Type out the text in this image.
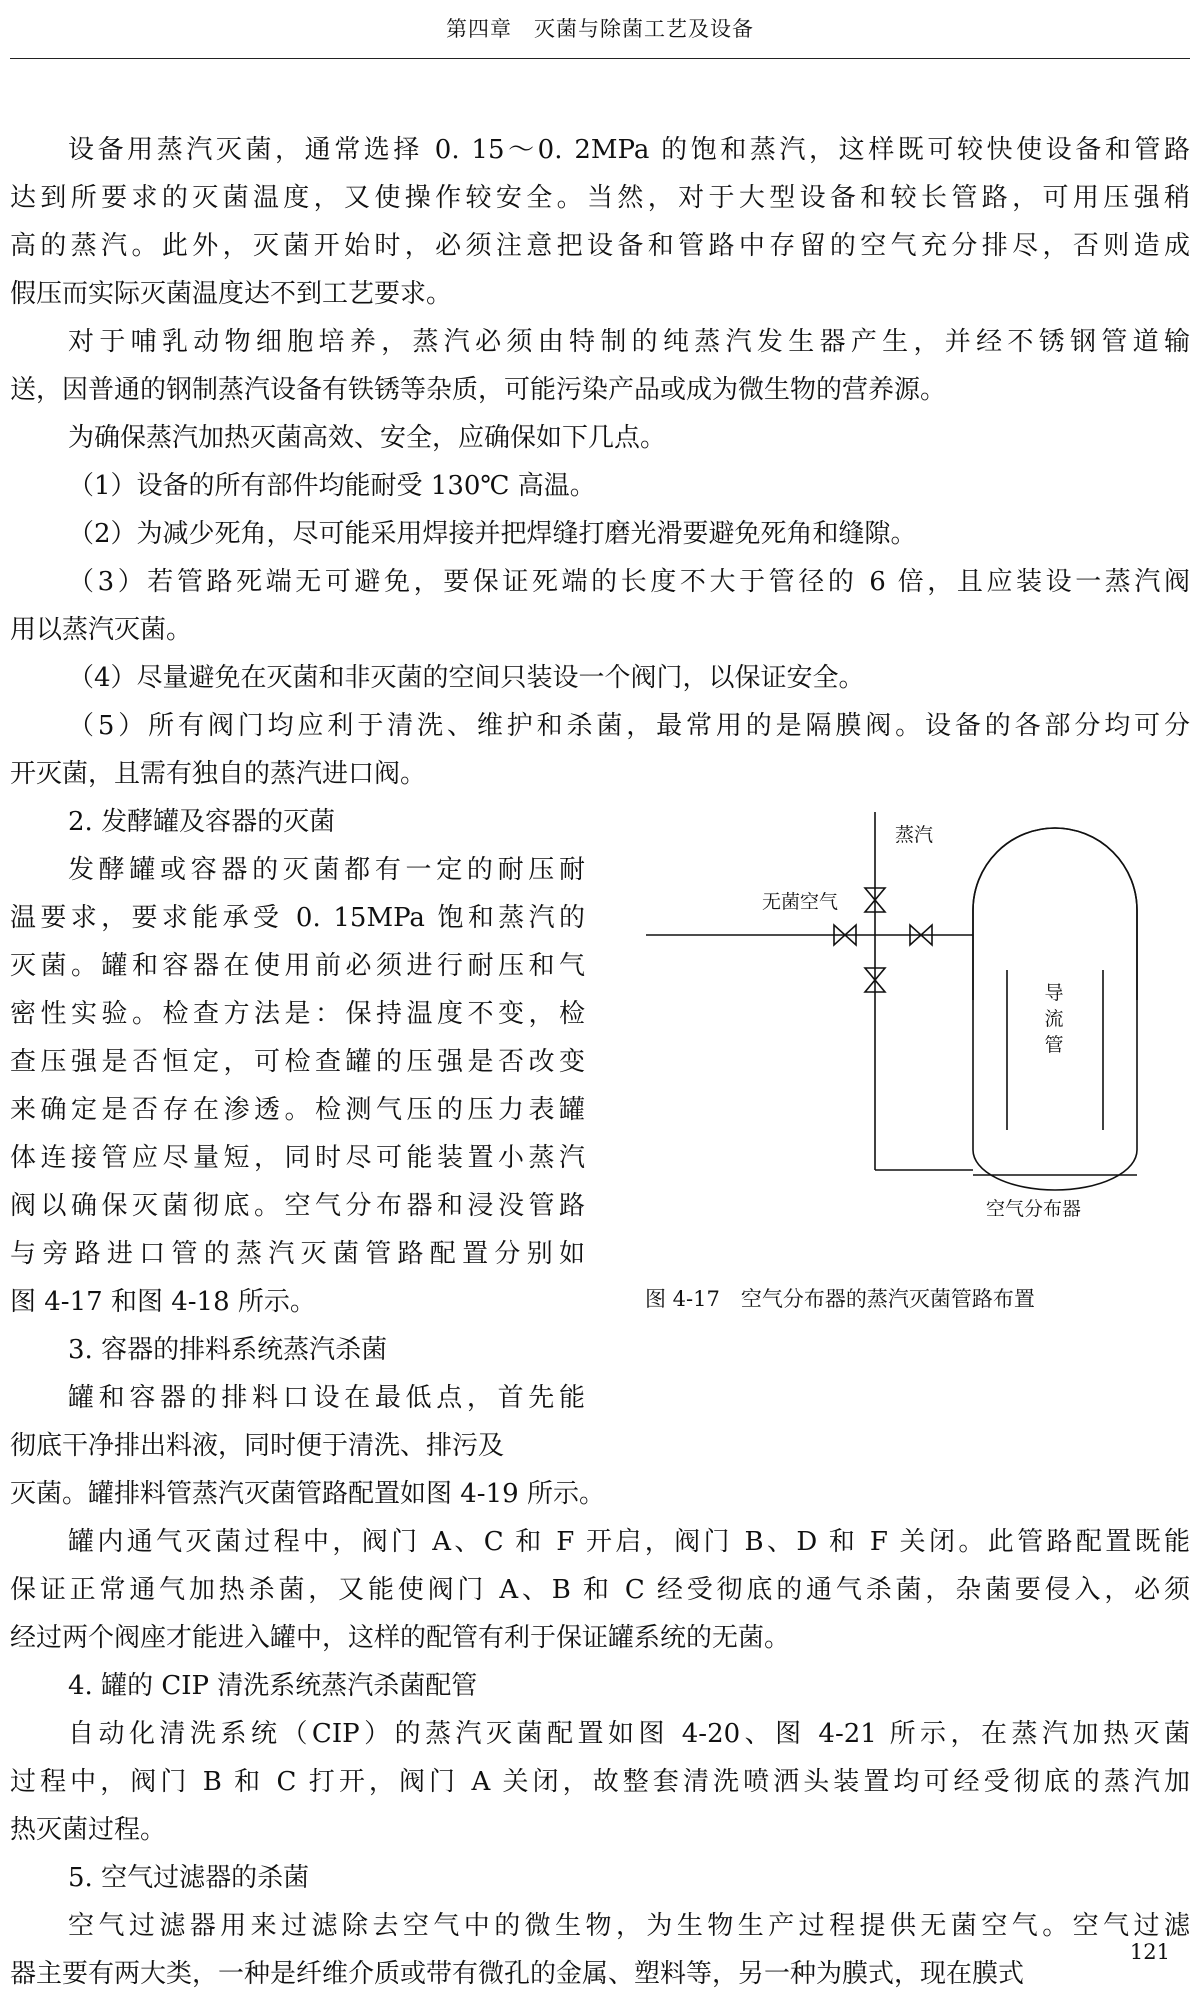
第四章　灭菌与除菌工艺及设备
设备用蒸汽灭菌，通常选择 0. 15～0. 2MPa 的饱和蒸汽，这样既可较快使设备和管路
达到所要求的灭菌温度，又使操作较安全。当然，对于大型设备和较长管路，可用压强稍
高的蒸汽。此外，灭菌开始时，必须注意把设备和管路中存留的空气充分排尽，否则造成
假压而实际灭菌温度达不到工艺要求。
对于哺乳动物细胞培养，蒸汽必须由特制的纯蒸汽发生器产生，并经不锈钢管道输
送，因普通的钢制蒸汽设备有铁锈等杂质，可能污染产品或成为微生物的营养源。
为确保蒸汽加热灭菌高效、安全，应确保如下几点。
（1）设备的所有部件均能耐受 130℃ 高温。
（2）为减少死角，尽可能采用焊接并把焊缝打磨光滑要避免死角和缝隙。
（3）若管路死端无可避免，要保证死端的长度不大于管径的 6 倍，且应装设一蒸汽阀
用以蒸汽灭菌。
（4）尽量避免在灭菌和非灭菌的空间只装设一个阀门，以保证安全。
（5）所有阀门均应利于清洗、维护和杀菌，最常用的是隔膜阀。设备的各部分均可分
开灭菌，且需有独自的蒸汽进口阀。
2. 发酵罐及容器的灭菌
发酵罐或容器的灭菌都有一定的耐压耐
温要求，要求能承受 0. 15MPa 饱和蒸汽的
灭菌。罐和容器在使用前必须进行耐压和气
密性实验。检查方法是：保持温度不变，检
查压强是否恒定，可检查罐的压强是否改变
来确定是否存在渗透。检测气压的压力表罐
体连接管应尽量短，同时尽可能装置小蒸汽
阀以确保灭菌彻底。空气分布器和浸没管路
与旁路进口管的蒸汽灭菌管路配置分别如
图 4-17 和图 4-18 所示。
3. 容器的排料系统蒸汽杀菌
罐和容器的排料口设在最低点，首先能
彻底干净排出料液，同时便于清洗、排污及
灭菌。罐排料管蒸汽灭菌管路配置如图 4-19 所示。
罐内通气灭菌过程中，阀门 A、C 和 F 开启，阀门 B、D 和 F 关闭。此管路配置既能
保证正常通气加热杀菌，又能使阀门 A、B 和 C 经受彻底的通气杀菌，杂菌要侵入，必须
经过两个阀座才能进入罐中，这样的配管有利于保证罐系统的无菌。
4. 罐的 CIP 清洗系统蒸汽杀菌配管
自动化清洗系统（CIP）的蒸汽灭菌配置如图 4-20、图 4-21 所示，在蒸汽加热灭菌
过程中，阀门 B 和 C 打开，阀门 A 关闭，故整套清洗喷洒头装置均可经受彻底的蒸汽加
热灭菌过程。
5. 空气过滤器的杀菌
空气过滤器用来过滤除去空气中的微生物，为生物生产过程提供无菌空气。空气过滤
器主要有两大类，一种是纤维介质或带有微孔的金属、塑料等，另一种为膜式，现在膜式
蒸汽
无菌空气
导流管
空气分布器
图 4-17　空气分布器的蒸汽灭菌管路布置
121
